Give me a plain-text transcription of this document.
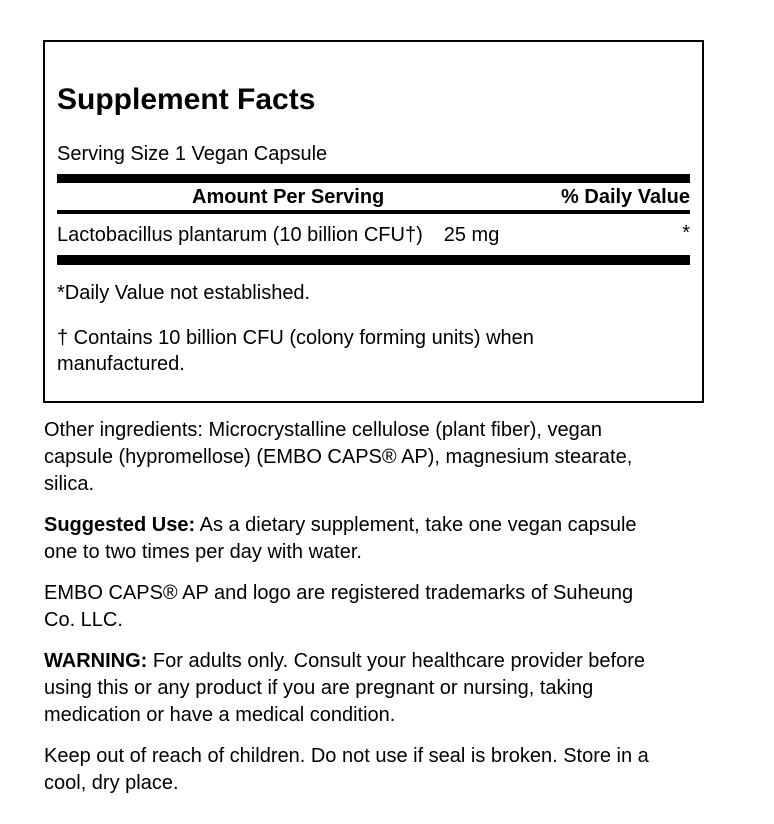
Supplement Facts

Serving Size 1 Vegan Capsule

Amount Per Serving	% Daily Value
Lactobacillus plantarum (10 billion CFU†) 25 mg	*

*Daily Value not established.

† Contains 10 billion CFU (colony forming units) when
manufactured.
Other ingredients: Microcrystalline cellulose (plant fiber), vegan
capsule (hypromellose) (EMBO CAPS® AP), magnesium stearate,
silica.
Suggested Use: As a dietary supplement, take one vegan capsule
one to two times per day with water.
EMBO CAPS® AP and logo are registered trademarks of Suheung
Co. LLC.
WARNING: For adults only. Consult your healthcare provider before
using this or any product if you are pregnant or nursing, taking
medication or have a medical condition.
Keep out of reach of children. Do not use if seal is broken. Store in a
cool, dry place.
